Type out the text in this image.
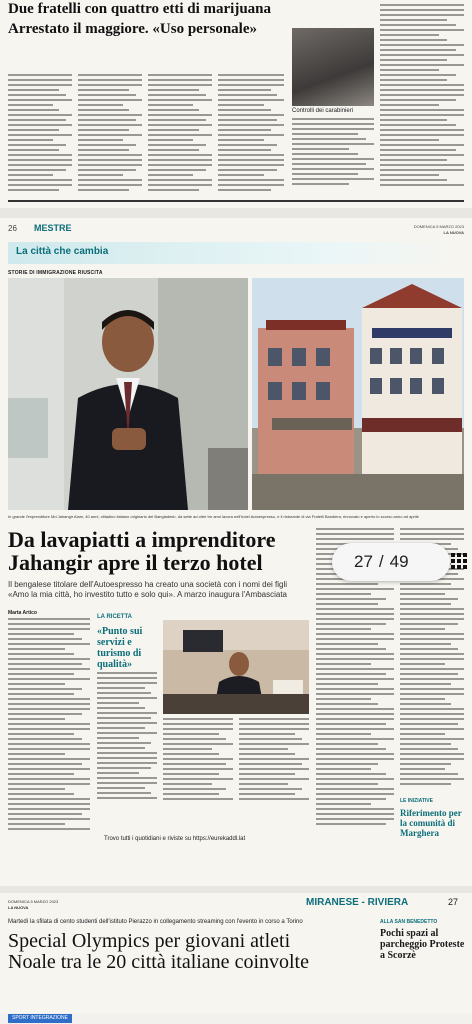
Due fratelli con quattro etti di marijuana
Arrestato il maggiore. «Uso personale»
Controlli dei carabinieri
26 MESTRE	DOMENICA 5 MARZO 2023
LA NUOVA
La città che cambia
STORIE DI IMMIGRAZIONE RIUSCITA
In grande l'imprenditore Md Jahangir Alam, 40 anni, cittadino italiano originario del Bangladesh, da sette ad oltre tre anni lavora nell'hotel Autoespresso, e il ristorante di via Fratelli Bandiera, rinnovato e aperto lo scorso anno ad aprile
Da lavapiatti a imprenditore
Jahangir apre il terzo hotel
Il bengalese titolare dell'Autoespresso ha creato una società con i nomi dei figli «Amo la mia città, ho investito tutto e solo qui». A marzo inaugura l'Ambasciata
Marta Artico
LA RICETTA
«Punto sui servizi e turismo di qualità»
Trovo tutti i quotidiani e riviste su https://eurekaddl.lat
LE INIZIATIVE
Riferimento per la comunità di Marghera
27 / 49
DOMENICA 5 MARZO 2023
LA NUOVA	MIRANESE - RIVIERA	27
Martedì la sfilata di cento studenti dell'istituto Pierazzo in collegamento streaming con l'evento in corso a Torino
Special Olympics per giovani atleti
Noale tra le 20 città italiane coinvolte
ALLA SAN BENEDETTO
Pochi spazi al parcheggio Proteste a Scorzè
SPORT INTEGRAZIONE
